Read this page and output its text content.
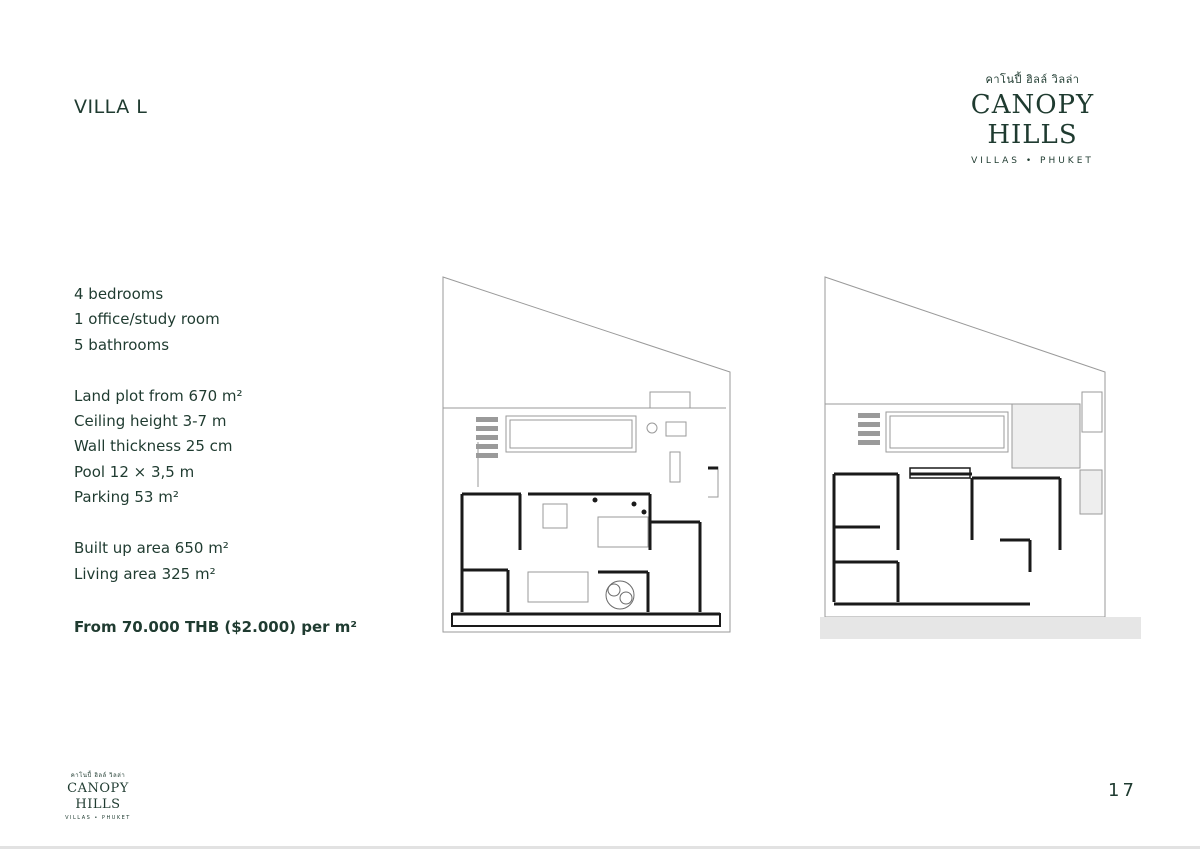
VILLA L
คาโนปี้ ฮิลล์ วิลล่า
CANOPY HILLS
VILLAS • PHUKET
4 bedrooms
1 office/study room
5 bathrooms
Land plot from 670 m²
Ceiling height 3-7 m
Wall thickness 25 cm
Pool 12 × 3,5 m
Parking 53 m²
Built up area 650 m²
Living area 325 m²
From 70.000 THB ($2.000) per m²
คาโนปี้ ฮิลล์ วิลล่า
CANOPY HILLS
VILLAS • PHUKET
17
